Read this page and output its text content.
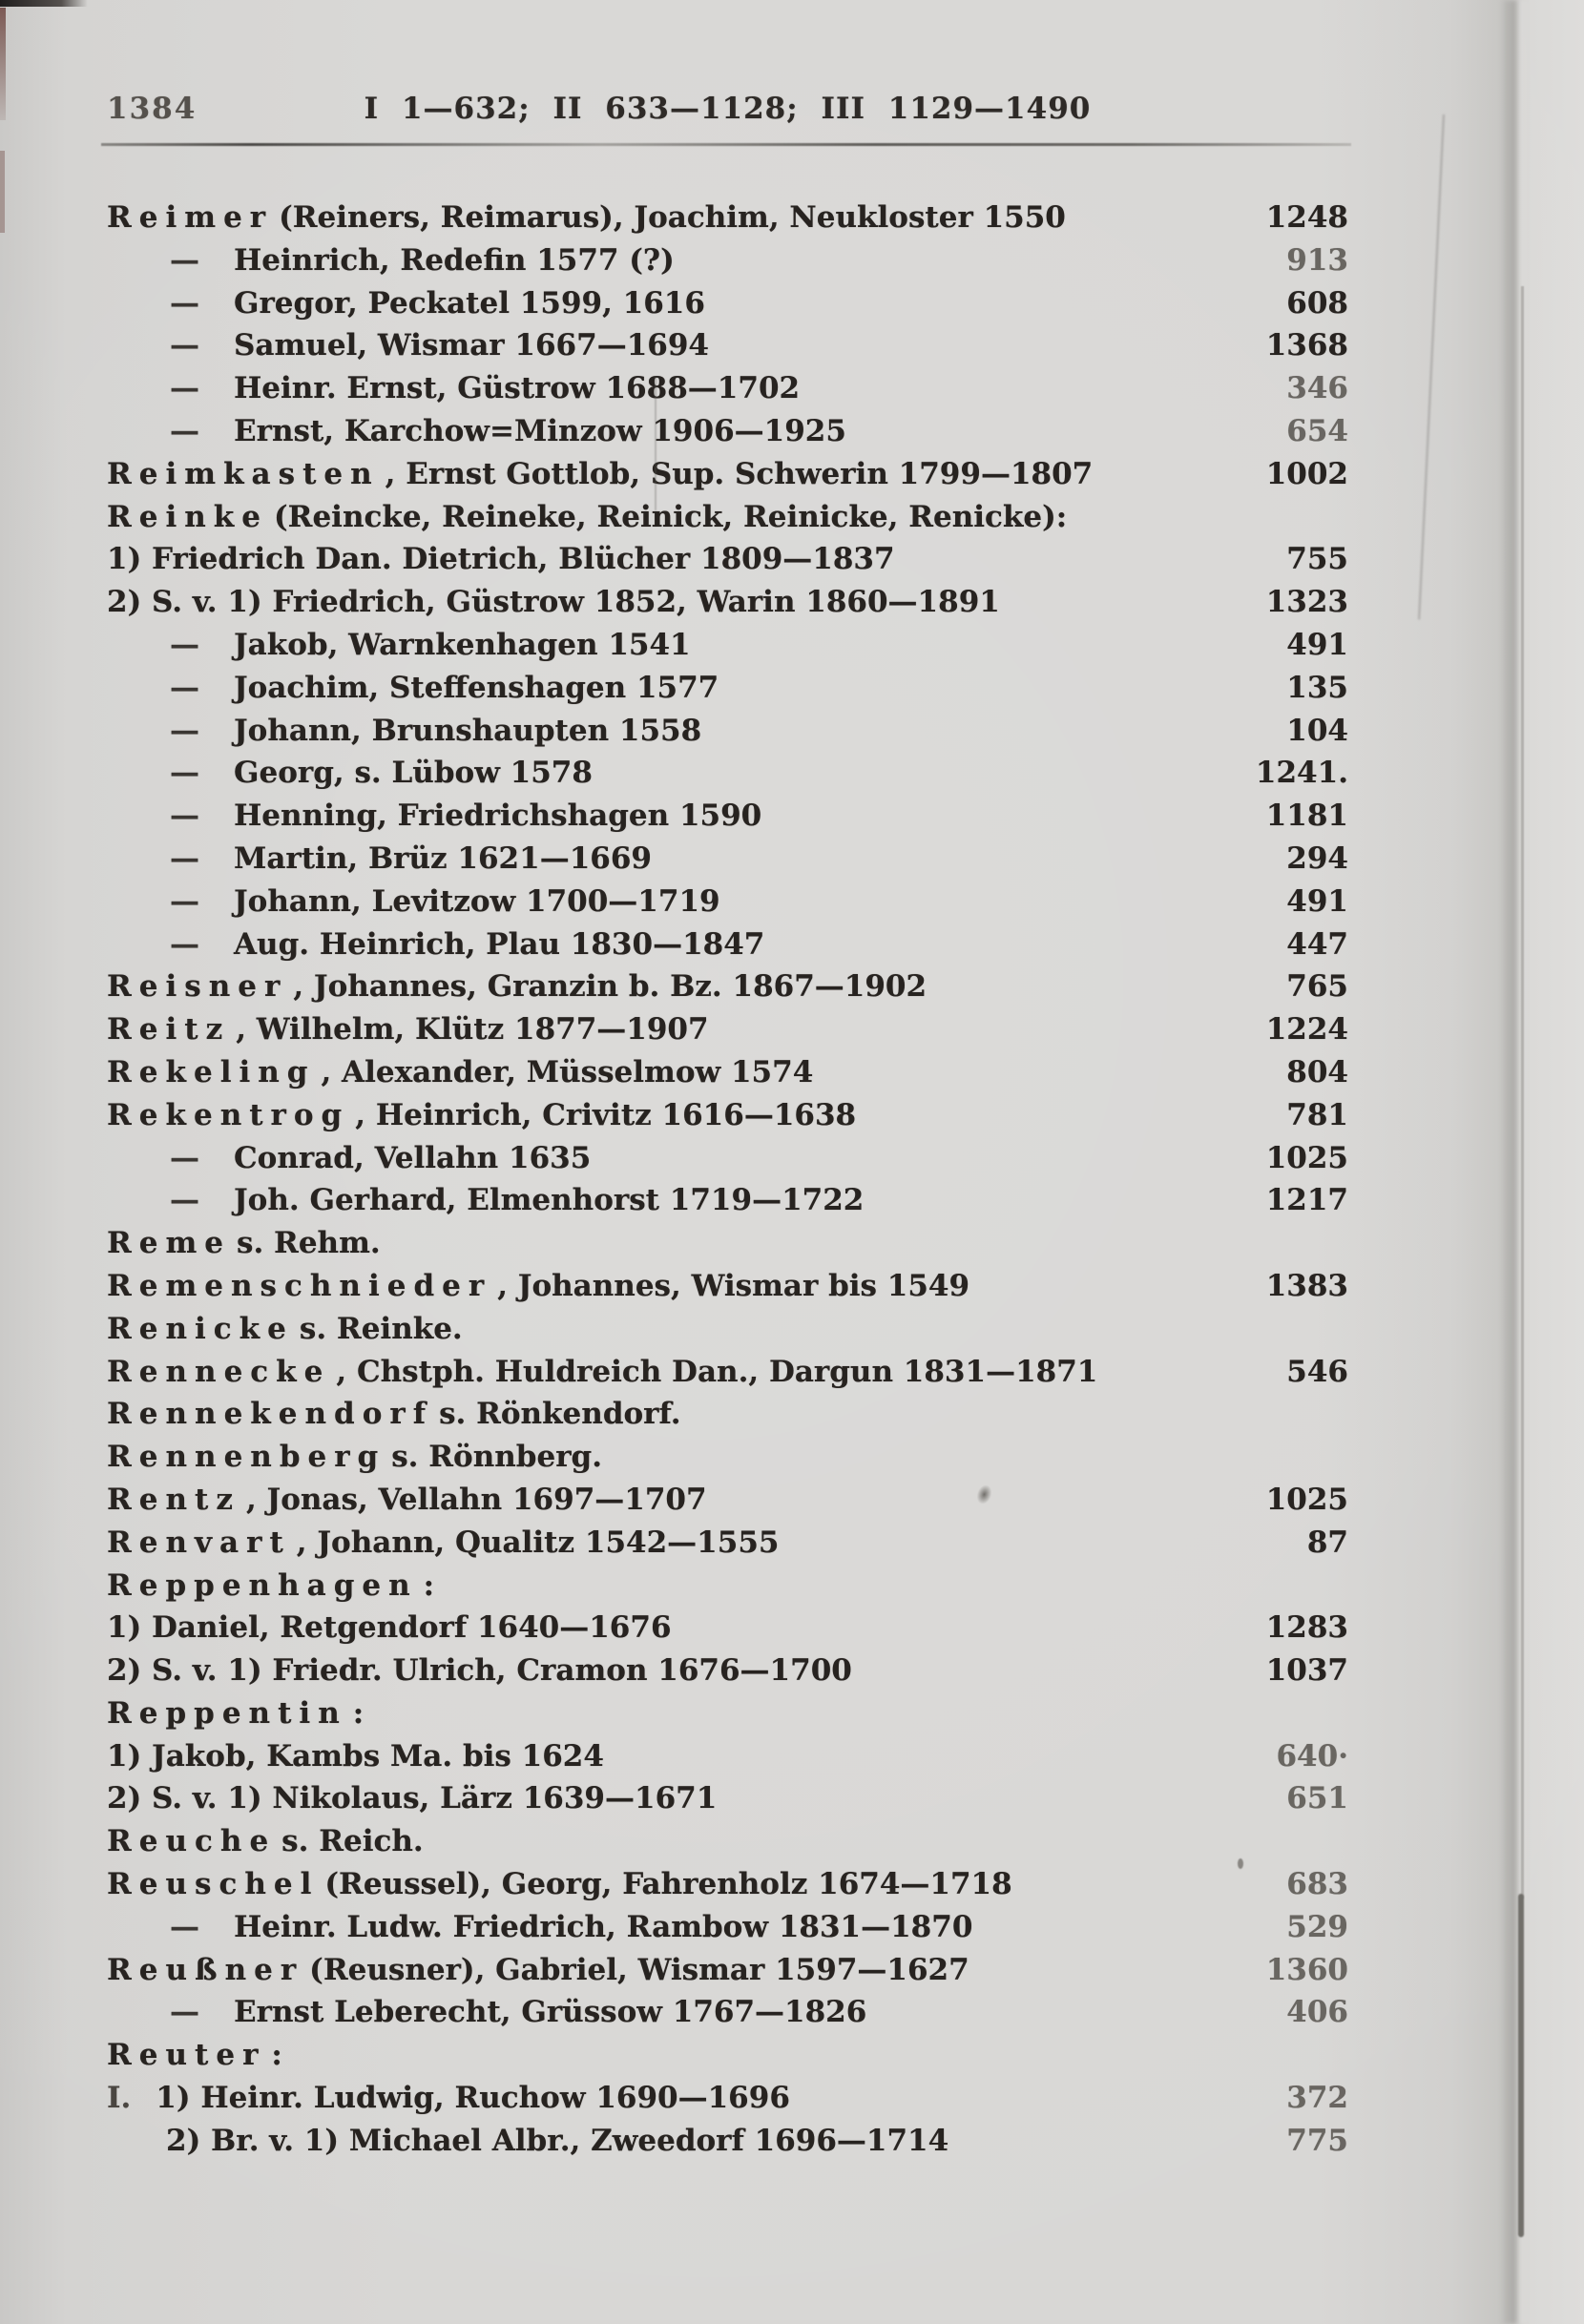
1384	I 1—632; II 633—1128; III 1129—1490
Reimer (Reiners, Reimarus), Joachim, Neukloster 1550	1248
— Heinrich, Redefin 1577 (?)	913
— Gregor, Peckatel 1599, 1616	608
— Samuel, Wismar 1667—1694	1368
— Heinr. Ernst, Güstrow 1688—1702	346
— Ernst, Karchow=Minzow 1906—1925	654
Reimkasten , Ernst Gottlob, Sup. Schwerin 1799—1807	1002
Reinke (Reincke, Reineke, Reinick, Reinicke, Renicke):
1) Friedrich Dan. Dietrich, Blücher 1809—1837	755
2) S. v. 1) Friedrich, Güstrow 1852, Warin 1860—1891	1323
— Jakob, Warnkenhagen 1541	491
— Joachim, Steffenshagen 1577	135
— Johann, Brunshaupten 1558	104
— Georg, s. Lübow 1578	1241.
— Henning, Friedrichshagen 1590	1181
— Martin, Brüz 1621—1669	294
— Johann, Levitzow 1700—1719	491
— Aug. Heinrich, Plau 1830—1847	447
Reisner , Johannes, Granzin b. Bz. 1867—1902	765
Reitz , Wilhelm, Klütz 1877—1907	1224
Rekeling , Alexander, Müsselmow 1574	804
Rekentrog , Heinrich, Crivitz 1616—1638	781
— Conrad, Vellahn 1635	1025
— Joh. Gerhard, Elmenhorst 1719—1722	1217
Reme s. Rehm.
Remenschnieder , Johannes, Wismar bis 1549	1383
Renicke s. Reinke.
Rennecke , Chstph. Huldreich Dan., Dargun 1831—1871	546
Rennekendorf s. Rönkendorf.
Rennenberg s. Rönnberg.
Rentz , Jonas, Vellahn 1697—1707	1025
Renvart , Johann, Qualitz 1542—1555	87
Reppenhagen :
1) Daniel, Retgendorf 1640—1676	1283
2) S. v. 1) Friedr. Ulrich, Cramon 1676—1700	1037
Reppentin :
1) Jakob, Kambs Ma. bis 1624	640·
2) S. v. 1) Nikolaus, Lärz 1639—1671	651
Reuche s. Reich.
Reuschel (Reussel), Georg, Fahrenholz 1674—1718	683
— Heinr. Ludw. Friedrich, Rambow 1831—1870	529
Reußner (Reusner), Gabriel, Wismar 1597—1627	1360
— Ernst Leberecht, Grüssow 1767—1826	406
Reuter :
I. 1) Heinr. Ludwig, Ruchow 1690—1696	372
2) Br. v. 1) Michael Albr., Zweedorf 1696—1714	775
